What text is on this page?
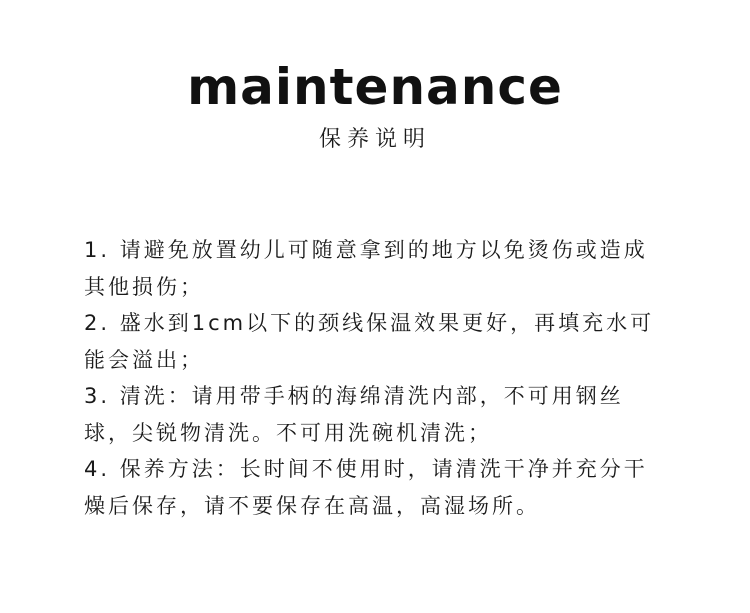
maintenance
保养说明
1. 请避免放置幼儿可随意拿到的地方以免烫伤或造成
其他损伤；
2. 盛水到1cm以下的颈线保温效果更好，再填充水可
能会溢出；
3. 清洗：请用带手柄的海绵清洗内部，不可用钢丝
球，尖锐物清洗。不可用洗碗机清洗；
4. 保养方法：长时间不使用时，请清洗干净并充分干
燥后保存，请不要保存在高温，高湿场所。
